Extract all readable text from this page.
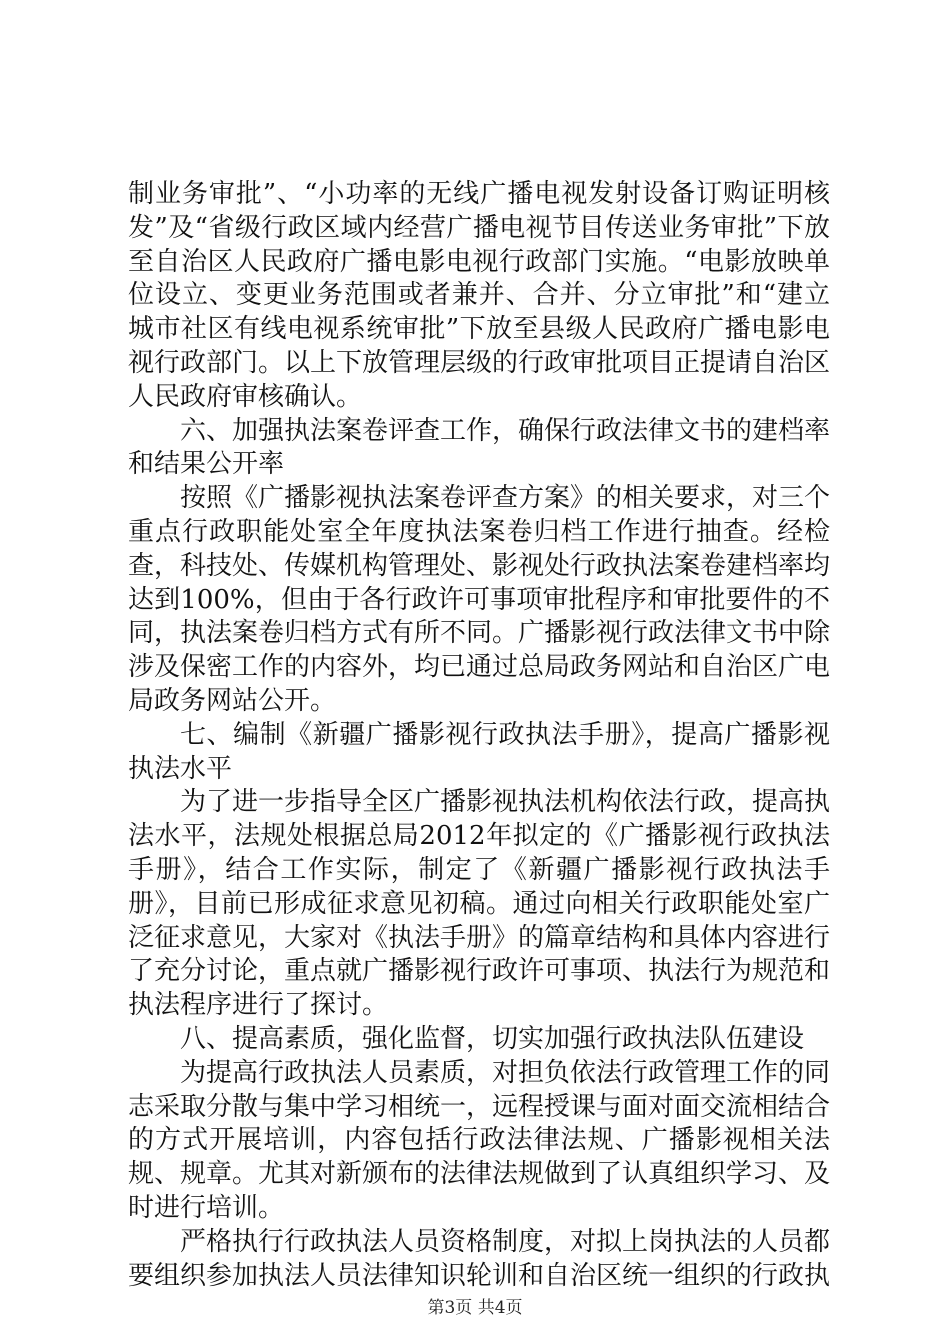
制业务审批”、“小功率的无线广播电视发射设备订购证明核发”及“省级行政区域内经营广播电视节目传送业务审批”下放至自治区人民政府广播电影电视行政部门实施。“电影放映单位设立、变更业务范围或者兼并、合并、分立审批”和“建立城市社区有线电视系统审批”下放至县级人民政府广播电影电视行政部门。以上下放管理层级的行政审批项目正提请自治区人民政府审核确认。

六、加强执法案卷评查工作，确保行政法律文书的建档率和结果公开率

按照《广播影视执法案卷评查方案》的相关要求，对三个重点行政职能处室全年度执法案卷归档工作进行抽查。经检查，科技处、传媒机构管理处、影视处行政执法案卷建档率均达到100%，但由于各行政许可事项审批程序和审批要件的不同，执法案卷归档方式有所不同。广播影视行政法律文书中除涉及保密工作的内容外，均已通过总局政务网站和自治区广电局政务网站公开。

七、编制《新疆广播影视行政执法手册》，提高广播影视执法水平

为了进一步指导全区广播影视执法机构依法行政，提高执法水平，法规处根据总局2012年拟定的《广播影视行政执法手册》，结合工作实际，制定了《新疆广播影视行政执法手册》，目前已形成征求意见初稿。通过向相关行政职能处室广泛征求意见，大家对《执法手册》的篇章结构和具体内容进行了充分讨论，重点就广播影视行政许可事项、执法行为规范和执法程序进行了探讨。

八、提高素质，强化监督，切实加强行政执法队伍建设

为提高行政执法人员素质，对担负依法行政管理工作的同志采取分散与集中学习相统一，远程授课与面对面交流相结合的方式开展培训，内容包括行政法律法规、广播影视相关法规、规章。尤其对新颁布的法律法规做到了认真组织学习、及时进行培训。

严格执行行政执法人员资格制度，对拟上岗执法的人员都要组织参加执法人员法律知识轮训和自治区统一组织的行政执

第3页 共4页
